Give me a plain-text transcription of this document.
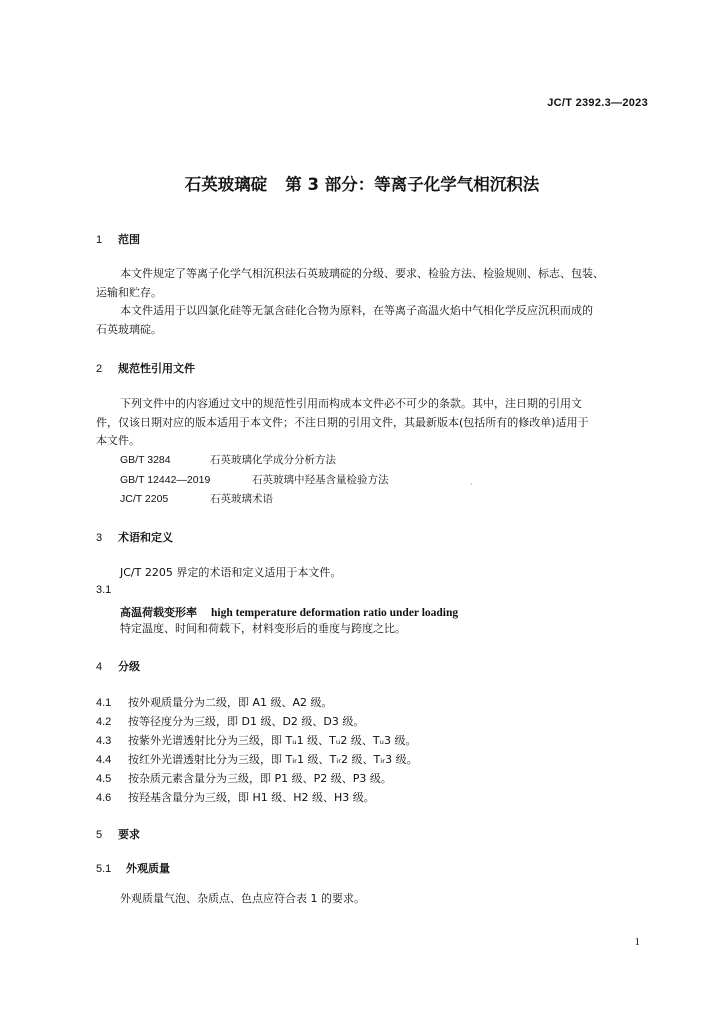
JC/T 2392.3—2023
石英玻璃碇 第 3 部分：等离子化学气相沉积法
1 范围
本文件规定了等离子化学气相沉积法石英玻璃碇的分级、要求、检验方法、检验规则、标志、包装、
运输和贮存。
本文件适用于以四氯化硅等无氯含硅化合物为原料，在等离子高温火焰中气相化学反应沉积而成的
石英玻璃碇。
2 规范性引用文件
下列文件中的内容通过文中的规范性引用而构成本文件必不可少的条款。其中，注日期的引用文
件，仅该日期对应的版本适用于本文件；不注日期的引用文件，其最新版本(包括所有的修改单)适用于
本文件。
GB/T 3284	石英玻璃化学成分分析方法
GB/T 12442—2019	石英玻璃中羟基含量检验方法
JC/T 2205	石英玻璃术语
·
3 术语和定义
JC/T 2205 界定的术语和定义适用于本文件。
3.1
高温荷载变形率 high temperature deformation ratio under loading
特定温度、时间和荷载下，材料变形后的垂度与跨度之比。
4 分级
4.1 按外观质量分为二级，即 A1 级、A2 级。
4.2 按等径度分为三级，即 D1 级、D2 级、D3 级。
4.3 按紫外光谱透射比分为三级，即 Tᵤ1 级、Tᵤ2 级、Tᵤ3 级。
4.4 按红外光谱透射比分为三级，即 Tᵢᵣ1 级、Tᵢᵣ2 级、Tᵢᵣ3 级。
4.5 按杂质元素含量分为三级，即 P1 级、P2 级、P3 级。
4.6 按羟基含量分为三级，即 H1 级、H2 级、H3 级。
5 要求
5.1 外观质量
外观质量气泡、杂质点、色点应符合表 1 的要求。
1
